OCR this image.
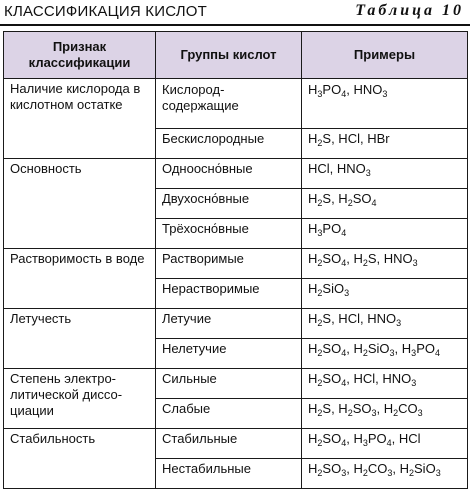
КЛАССИФИКАЦИЯ КИСЛОТ	Таблица 10
Признак классификации	Группы кислот	Примеры
Наличие кислорода в кислотном остатке	Кислородсодержащие	$H_3PO_4$, $HNO_3$
	Бескислородные	$H_2S$, HCl, HBr
Основность	Одноосно́вные	HCl, $HNO_3$
	Двухосно́вные	$H_2S$, $H_2SO_4$
	Трёхосно́вные	$H_3PO_4$
Растворимость в воде	Растворимые	$H_2SO_4$, $H_2S$, $HNO_3$
	Нерастворимые	$H_2SiO_3$
Летучесть	Летучие	$H_2S$, HCl, $HNO_3$
	Нелетучие	$H_2SO_4$, $H_2SiO_3$, $H_3PO_4$
Степень электролитической диссоциации	Сильные	$H_2SO_4$, HCl, $HNO_3$
	Слабые	$H_2S$, $H_2SO_3$, $H_2CO_3$
Стабильность	Стабильные	$H_2SO_4$, $H_3PO_4$, HCl
	Нестабильные	$H_2SO_3$, $H_2CO_3$, $H_2SiO_3$
